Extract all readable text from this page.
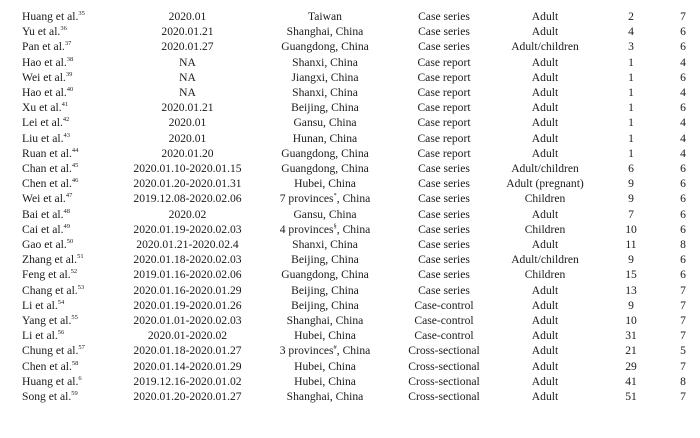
Huang et al.$^{35}$	2020.01	Taiwan	Case series	Adult	2	7
Yu et al.$^{36}$	2020.01.21	Shanghai, China	Case series	Adult	4	6
Pan et al.$^{37}$	2020.01.27	Guangdong, China	Case series	Adult/children	3	6
Hao et al.$^{38}$	NA	Shanxi, China	Case report	Adult	1	4
Wei et al.$^{39}$	NA	Jiangxi, China	Case report	Adult	1	6
Hao et al.$^{40}$	NA	Shanxi, China	Case report	Adult	1	4
Xu et al.$^{41}$	2020.01.21	Beijing, China	Case report	Adult	1	6
Lei et al.$^{42}$	2020.01	Gansu, China	Case report	Adult	1	4
Liu et al.$^{43}$	2020.01	Hunan, China	Case report	Adult	1	4
Ruan et al.$^{44}$	2020.01.20	Guangdong, China	Case report	Adult	1	4
Chan et al.$^{45}$	2020.01.10-2020.01.15	Guangdong, China	Case series	Adult/children	6	6
Chen et al.$^{46}$	2020.01.20-2020.01.31	Hubei, China	Case series	Adult (pregnant)	9	6
Wei et al.$^{47}$	2019.12.08-2020.02.06	7 provinces*, China	Case series	Children	9	6
Bai et al.$^{48}$	2020.02	Gansu, China	Case series	Adult	7	6
Cai et al.$^{49}$	2020.01.19-2020.02.03	4 provinces§, China	Case series	Children	10	6
Gao et al.$^{50}$	2020.01.21-2020.02.4	Shanxi, China	Case series	Adult	11	8
Zhang et al.$^{51}$	2020.01.18-2020.02.03	Beijing, China	Case series	Adult/children	9	6
Feng et al.$^{52}$	2019.01.16-2020.02.06	Guangdong, China	Case series	Children	15	6
Chang et al.$^{53}$	2020.01.16-2020.01.29	Beijing, China	Case series	Adult	13	7
Li et al.$^{54}$	2020.01.19-2020.01.26	Beijing, China	Case-control	Adult	9	7
Yang et al.$^{55}$	2020.01.01-2020.02.03	Shanghai, China	Case-control	Adult	10	7
Li et al.$^{56}$	2020.01-2020.02	Hubei, China	Case-control	Adult	31	7
Chung et al.$^{57}$	2020.01.18-2020.01.27	3 provinces#, China	Cross-sectional	Adult	21	5
Chen et al.$^{58}$	2020.01.14-2020.01.29	Hubei, China	Cross-sectional	Adult	29	7
Huang et al.$^6$	2019.12.16-2020.01.02	Hubei, China	Cross-sectional	Adult	41	8
Song et al.$^{59}$	2020.01.20-2020.01.27	Shanghai, China	Cross-sectional	Adult	51	7
